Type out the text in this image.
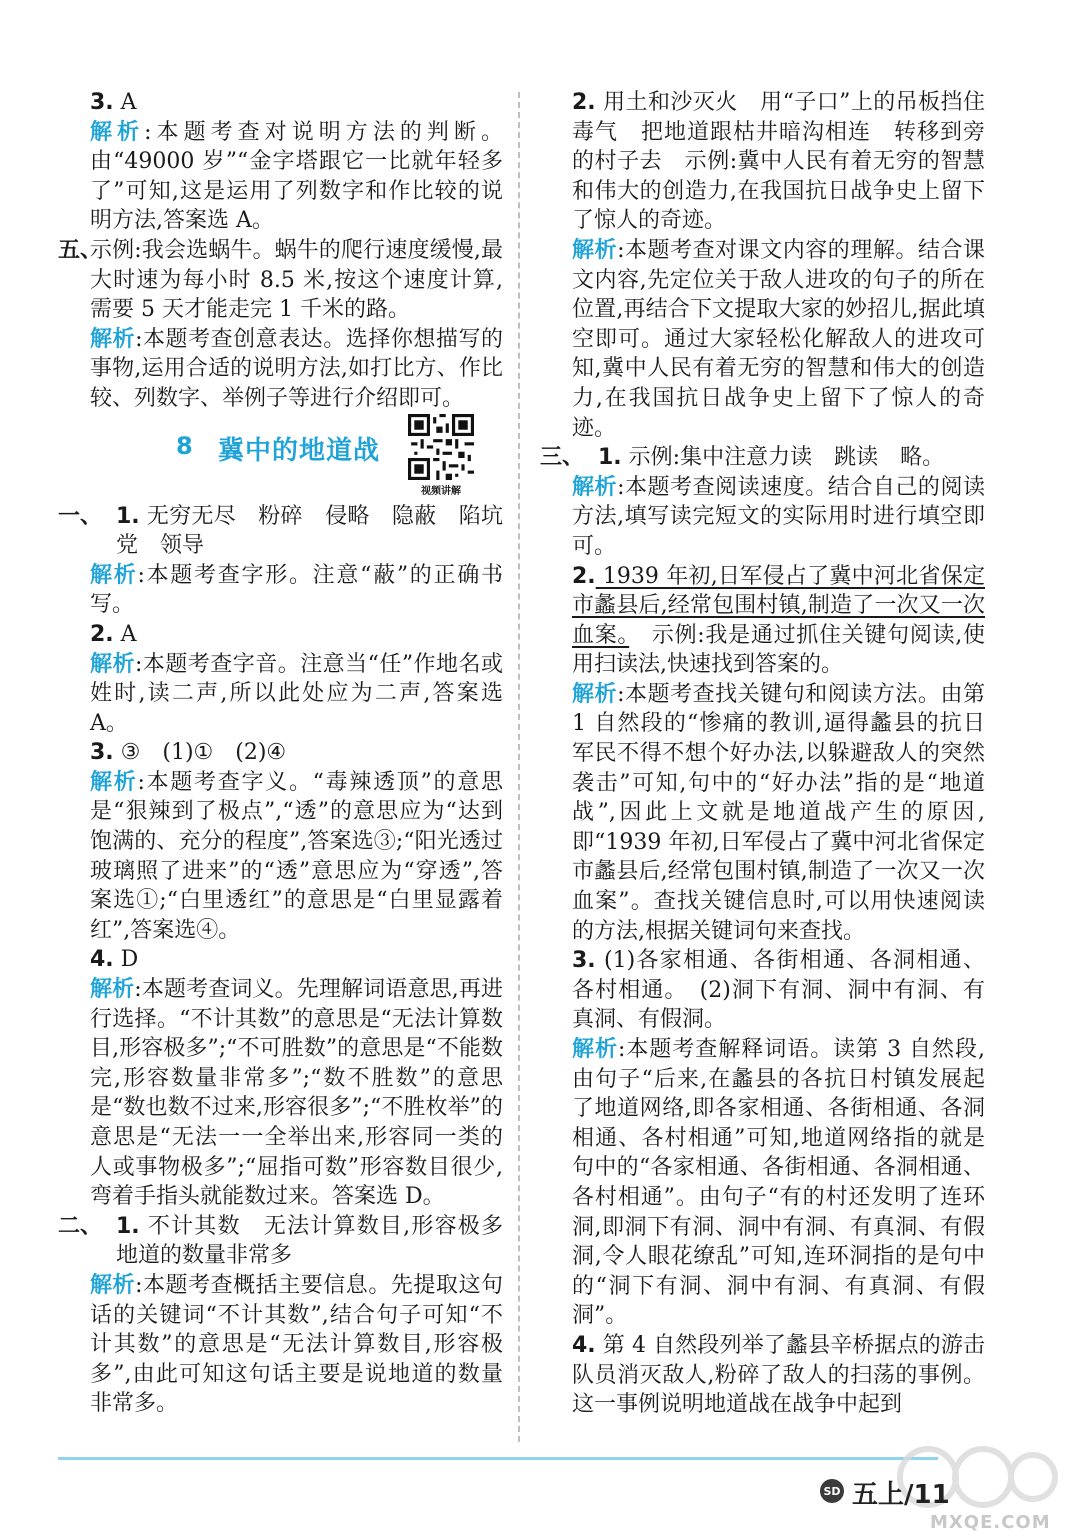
3. A

解析:本题考查对说明方法的判断。由“49000 岁”“金字塔跟它一比就年轻多了”可知,这是运用了列数字和作比较的说明方法,答案选 A。

五、
示例:我会选蜗牛。蜗牛的爬行速度缓慢,最大时速为每小时 8.5 米,按这个速度计算,需要 5 天才能走完 1 千米的路。

解析:本题考查创意表达。选择你想描写的事物,运用合适的说明方法,如打比方、作比较、列数字、举例子等进行介绍即可。

8 冀中的地道战
视频讲解

一、 1. 无穷无尽　粉碎　侵略　隐蔽　陷坑　党　领导

解析:本题考查字形。注意“蔽”的正确书写。

2. A

解析:本题考查字音。注意当“任”作地名或姓时,读二声,所以此处应为二声,答案选 A。

3. ③　(1)①　(2)④

解析:本题考查字义。“毒辣透顶”的意思是“狠辣到了极点”,“透”的意思应为“达到饱满的、充分的程度”,答案选③;“阳光透过玻璃照了进来”的“透”意思应为“穿透”,答案选①;“白里透红”的意思是“白里显露着红”,答案选④。

4. D

解析:本题考查词义。先理解词语意思,再进行选择。“不计其数”的意思是“无法计算数目,形容极多”;“不可胜数”的意思是“不能数完,形容数量非常多”;“数不胜数”的意思是“数也数不过来,形容很多”;“不胜枚举”的意思是“无法一一全举出来,形容同一类的人或事物极多”;“屈指可数”形容数目很少,弯着手指头就能数过来。答案选 D。

二、 1. 不计其数　无法计算数目,形容极多　地道的数量非常多

解析:本题考查概括主要信息。先提取这句话的关键词“不计其数”,结合句子可知“不计其数”的意思是“无法计算数目,形容极多”,由此可知这句话主要是说地道的数量非常多。

2. 用土和沙灭火　用“子口”上的吊板挡住毒气　把地道跟枯井暗沟相连　转移到旁的村子去　示例:冀中人民有着无穷的智慧和伟大的创造力,在我国抗日战争史上留下了惊人的奇迹。

解析:本题考查对课文内容的理解。结合课文内容,先定位关于敌人进攻的句子的所在位置,再结合下文提取大家的妙招儿,据此填空即可。通过大家轻松化解敌人的进攻可知,冀中人民有着无穷的智慧和伟大的创造力,在我国抗日战争史上留下了惊人的奇迹。

三、 1. 示例:集中注意力读　跳读　略。

解析:本题考查阅读速度。结合自己的阅读方法,填写读完短文的实际用时进行填空即可。

2. 1939 年初,日军侵占了冀中河北省保定市蠡县后,经常包围村镇,制造了一次又一次血案。　示例:我是通过抓住关键句阅读,使用扫读法,快速找到答案的。

解析:本题考查找关键句和阅读方法。由第 1 自然段的“惨痛的教训,逼得蠡县的抗日军民不得不想个好办法,以躲避敌人的突然袭击”可知,句中的“好办法”指的是“地道战”,因此上文就是地道战产生的原因,即“1939 年初,日军侵占了冀中河北省保定市蠡县后,经常包围村镇,制造了一次又一次血案”。查找关键信息时,可以用快速阅读的方法,根据关键词句来查找。

3. (1)各家相通、各街相通、各洞相通、各村相通。　(2)洞下有洞、洞中有洞、有真洞、有假洞。

解析:本题考查解释词语。读第 3 自然段,由句子“后来,在蠡县的各抗日村镇发展起了地道网络,即各家相通、各街相通、各洞相通、各村相通”可知,地道网络指的就是句中的“各家相通、各街相通、各洞相通、各村相通”。由句子“有的村还发明了连环洞,即洞下有洞、洞中有洞、有真洞、有假洞,令人眼花缭乱”可知,连环洞指的是句中的“洞下有洞、洞中有洞、有真洞、有假洞”。

4. 第 4 自然段列举了蠡县辛桥据点的游击队员消灭敌人,粉碎了敌人的扫荡的事例。这一事例说明地道战在战争中起到

SD 五上/11
MXQE.COM
